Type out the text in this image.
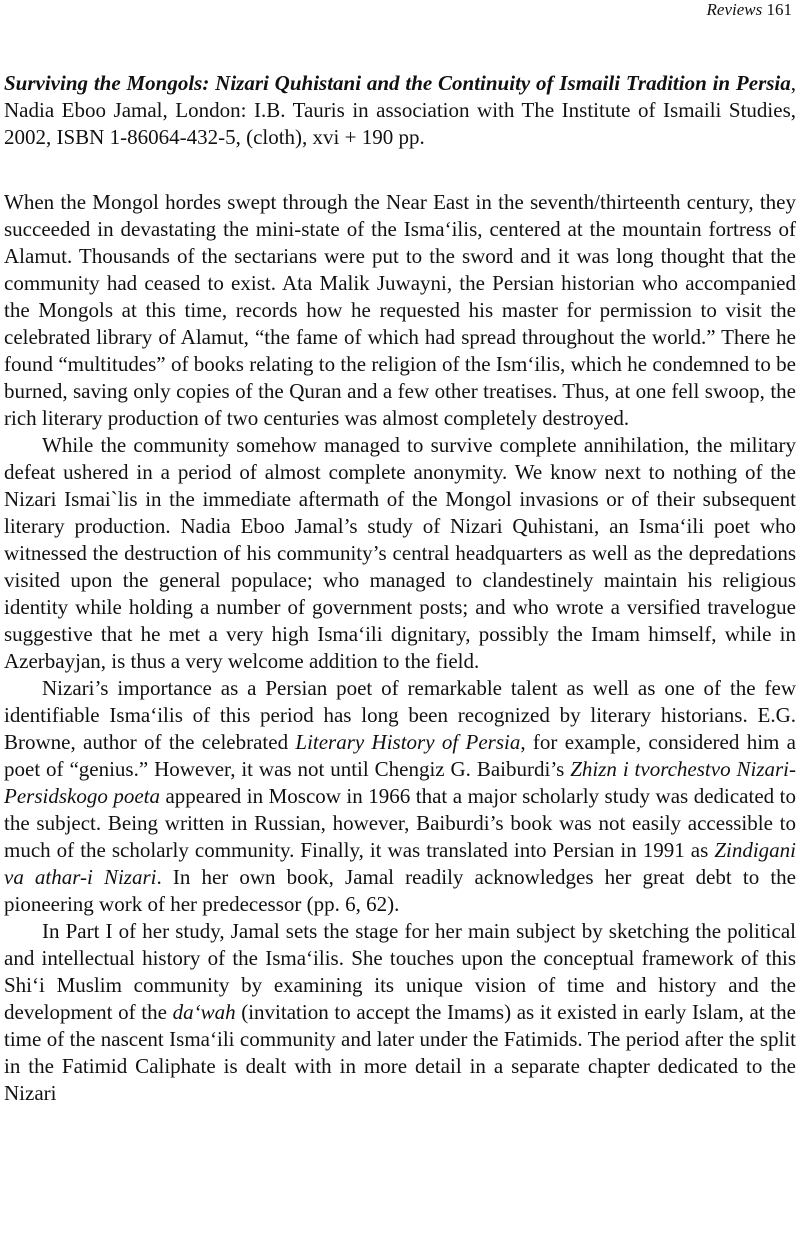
Reviews 161

Surviving the Mongols: Nizari Quhistani and the Continuity of Ismaili Tradition in Persia, Nadia Eboo Jamal, London: I.B. Tauris in association with The Institute of Ismaili Studies, 2002, ISBN 1-86064-432-5, (cloth), xvi + 190 pp.

When the Mongol hordes swept through the Near East in the seventh/thirteenth century, they succeeded in devastating the mini-state of the Isma‘ilis, centered at the mountain fortress of Alamut. Thousands of the sectarians were put to the sword and it was long thought that the community had ceased to exist. Ata Malik Juwayni, the Persian historian who accompanied the Mongols at this time, records how he requested his master for permission to visit the celebrated library of Alamut, “the fame of which had spread throughout the world.” There he found “multitudes” of books relating to the religion of the Ism‘ilis, which he condemned to be burned, saving only copies of the Quran and a few other treatises. Thus, at one fell swoop, the rich literary production of two centuries was almost completely destroyed.

While the community somehow managed to survive complete annihilation, the military defeat ushered in a period of almost complete anonymity. We know next to nothing of the Nizari Ismai`lis in the immediate aftermath of the Mongol invasions or of their subsequent literary production. Nadia Eboo Jamal’s study of Nizari Quhistani, an Isma‘ili poet who witnessed the destruction of his community’s central headquarters as well as the depredations visited upon the general populace; who managed to clandestinely maintain his religious identity while holding a number of government posts; and who wrote a versified travelogue suggestive that he met a very high Isma‘ili dignitary, possibly the Imam himself, while in Azerbayjan, is thus a very welcome addition to the field.

Nizari’s importance as a Persian poet of remarkable talent as well as one of the few identifiable Isma‘ilis of this period has long been recognized by literary historians. E.G. Browne, author of the celebrated Literary History of Persia, for example, considered him a poet of “genius.” However, it was not until Chengiz G. Baiburdi’s Zhizn i tvorchestvo Nizari-Persidskogo poeta appeared in Moscow in 1966 that a major scholarly study was dedicated to the subject. Being written in Russian, however, Baiburdi’s book was not easily accessible to much of the scholarly community. Finally, it was translated into Persian in 1991 as Zindigani va athar-i Nizari. In her own book, Jamal readily acknowledges her great debt to the pioneering work of her predecessor (pp. 6, 62).

In Part I of her study, Jamal sets the stage for her main subject by sketching the political and intellectual history of the Isma‘ilis. She touches upon the conceptual framework of this Shi‘i Muslim community by examining its unique vision of time and history and the development of the da‘wah (invitation to accept the Imams) as it existed in early Islam, at the time of the nascent Isma‘ili community and later under the Fatimids. The period after the split in the Fatimid Caliphate is dealt with in more detail in a separate chapter dedicated to the Nizari
